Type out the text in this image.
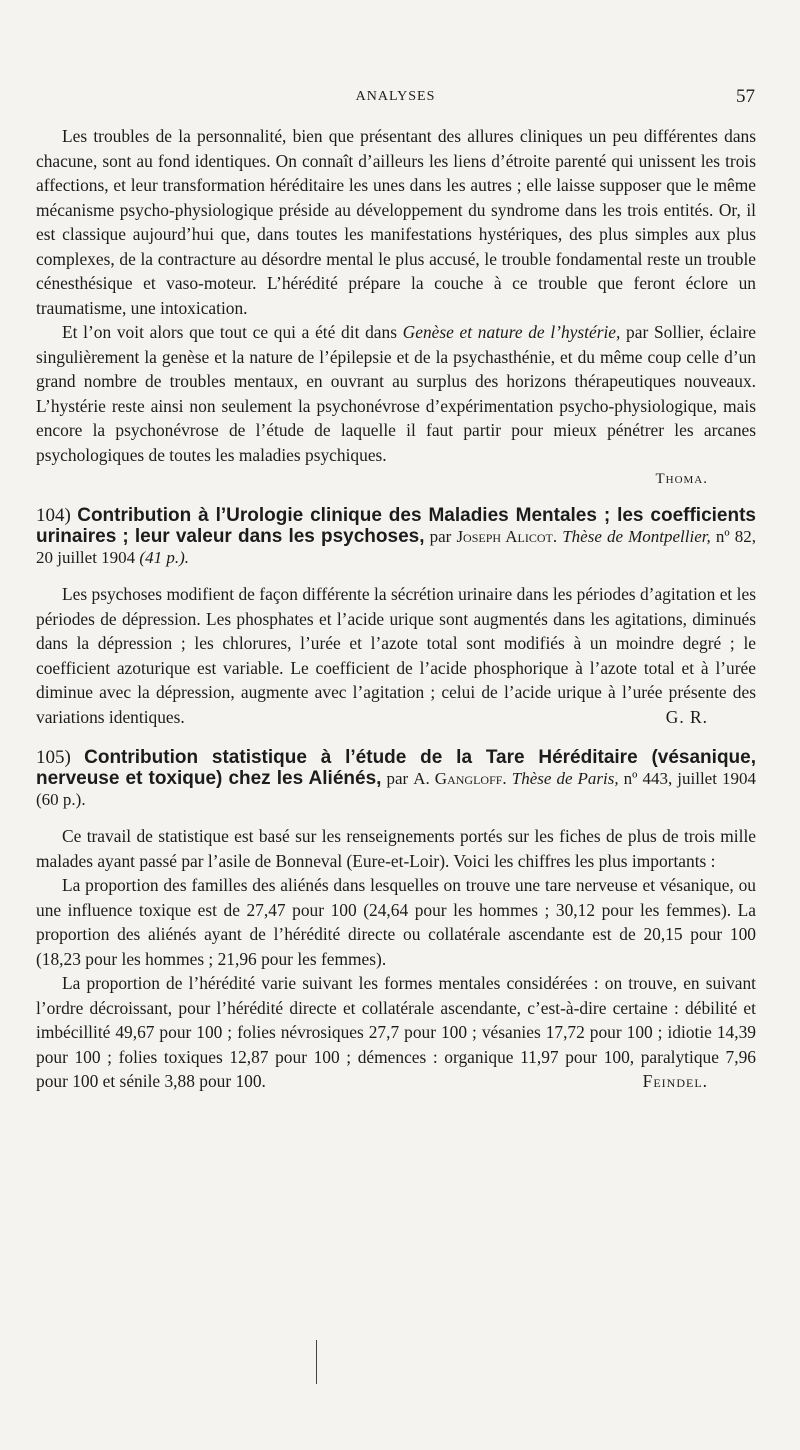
ANALYSES	57

Les troubles de la personnalité, bien que présentant des allures cliniques un peu différentes dans chacune, sont au fond identiques. On connaît d’ailleurs les liens d’étroite parenté qui unissent les trois affections, et leur transformation héréditaire les unes dans les autres ; elle laisse supposer que le même mécanisme psycho-physiologique préside au développement du syndrome dans les trois entités. Or, il est classique aujourd’hui que, dans toutes les manifestations hystériques, des plus simples aux plus complexes, de la contracture au désordre mental le plus accusé, le trouble fondamental reste un trouble cénesthésique et vaso-moteur. L’hérédité prépare la couche à ce trouble que feront éclore un traumatisme, une intoxication.

Et l’on voit alors que tout ce qui a été dit dans Genèse et nature de l’hystérie, par Sollier, éclaire singulièrement la genèse et la nature de l’épilepsie et de la psychasthénie, et du même coup celle d’un grand nombre de troubles mentaux, en ouvrant au surplus des horizons thérapeutiques nouveaux. L’hystérie reste ainsi non seulement la psychonévrose d’expérimentation psycho-physiologique, mais encore la psychonévrose de l’étude de laquelle il faut partir pour mieux pénétrer les arcanes psychologiques de toutes les maladies psychiques.

Thoma.
104) Contribution à l’Urologie clinique des Maladies Mentales ; les coefficients urinaires ; leur valeur dans les psychoses, par Joseph Alicot. Thèse de Montpellier, nº 82, 20 juillet 1904 (41 p.).

Les psychoses modifient de façon différente la sécrétion urinaire dans les périodes d’agitation et les périodes de dépression. Les phosphates et l’acide urique sont augmentés dans les agitations, diminués dans la dépression ; les chlorures, l’urée et l’azote total sont modifiés à un moindre degré ; le coefficient azoturique est variable. Le coefficient de l’acide phosphorique à l’azote total et à l’urée diminue avec la dépression, augmente avec l’agitation ; celui de l’acide urique à l’urée présente des variations identiques.	G. R.

105) Contribution statistique à l’étude de la Tare Héréditaire (vésanique, nerveuse et toxique) chez les Aliénés, par A. Gangloff. Thèse de Paris, nº 443, juillet 1904 (60 p.).

Ce travail de statistique est basé sur les renseignements portés sur les fiches de plus de trois mille malades ayant passé par l’asile de Bonneval (Eure-et-Loir). Voici les chiffres les plus importants :

La proportion des familles des aliénés dans lesquelles on trouve une tare nerveuse et vésanique, ou une influence toxique est de 27,47 pour 100 (24,64 pour les hommes ; 30,12 pour les femmes). La proportion des aliénés ayant de l’hérédité directe ou collatérale ascendante est de 20,15 pour 100 (18,23 pour les hommes ; 21,96 pour les femmes).

La proportion de l’hérédité varie suivant les formes mentales considérées : on trouve, en suivant l’ordre décroissant, pour l’hérédité directe et collatérale ascendante, c’est-à-dire certaine : débilité et imbécillité 49,67 pour 100 ; folies névrosiques 27,7 pour 100 ; vésanies 17,72 pour 100 ; idiotie 14,39 pour 100 ; folies toxiques 12,87 pour 100 ; démences : organique 11,97 pour 100, paralytique 7,96 pour 100 et sénile 3,88 pour 100.	Feindel.
